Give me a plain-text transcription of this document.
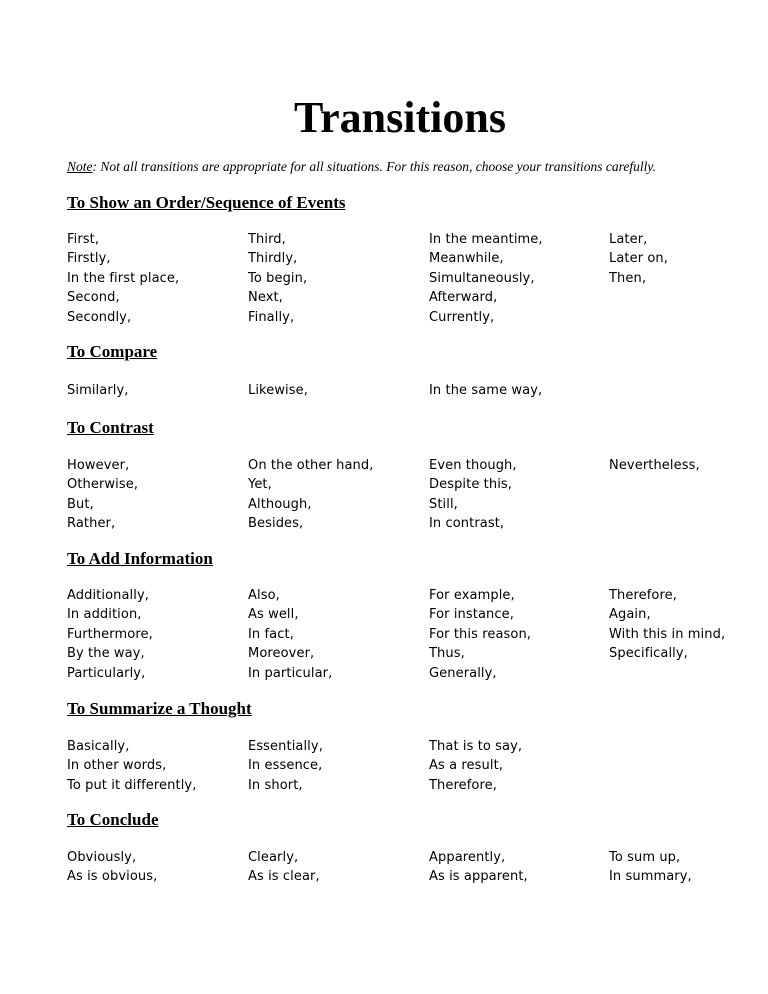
Transitions
Note: Not all transitions are appropriate for all situations. For this reason, choose your transitions carefully.
To Show an Order/Sequence of Events
First,
Firstly,
In the first place,
Second,
Secondly,
Third,
Thirdly,
To begin,
Next,
Finally,
In the meantime,
Meanwhile,
Simultaneously,
Afterward,
Currently,
Later,
Later on,
Then,
To Compare
Similarly,	Likewise,	In the same way,
To Contrast
However,
Otherwise,
But,
Rather,
On the other hand,
Yet,
Although,
Besides,
Even though,
Despite this,
Still,
In contrast,
Nevertheless,
To Add Information
Additionally,
In addition,
Furthermore,
By the way,
Particularly,
Also,
As well,
In fact,
Moreover,
In particular,
For example,
For instance,
For this reason,
Thus,
Generally,
Therefore,
Again,
With this in mind,
Specifically,
To Summarize a Thought
Basically,
In other words,
To put it differently,
Essentially,
In essence,
In short,
That is to say,
As a result,
Therefore,
To Conclude
Obviously,
As is obvious,
Clearly,
As is clear,
Apparently,
As is apparent,
To sum up,
In summary,
